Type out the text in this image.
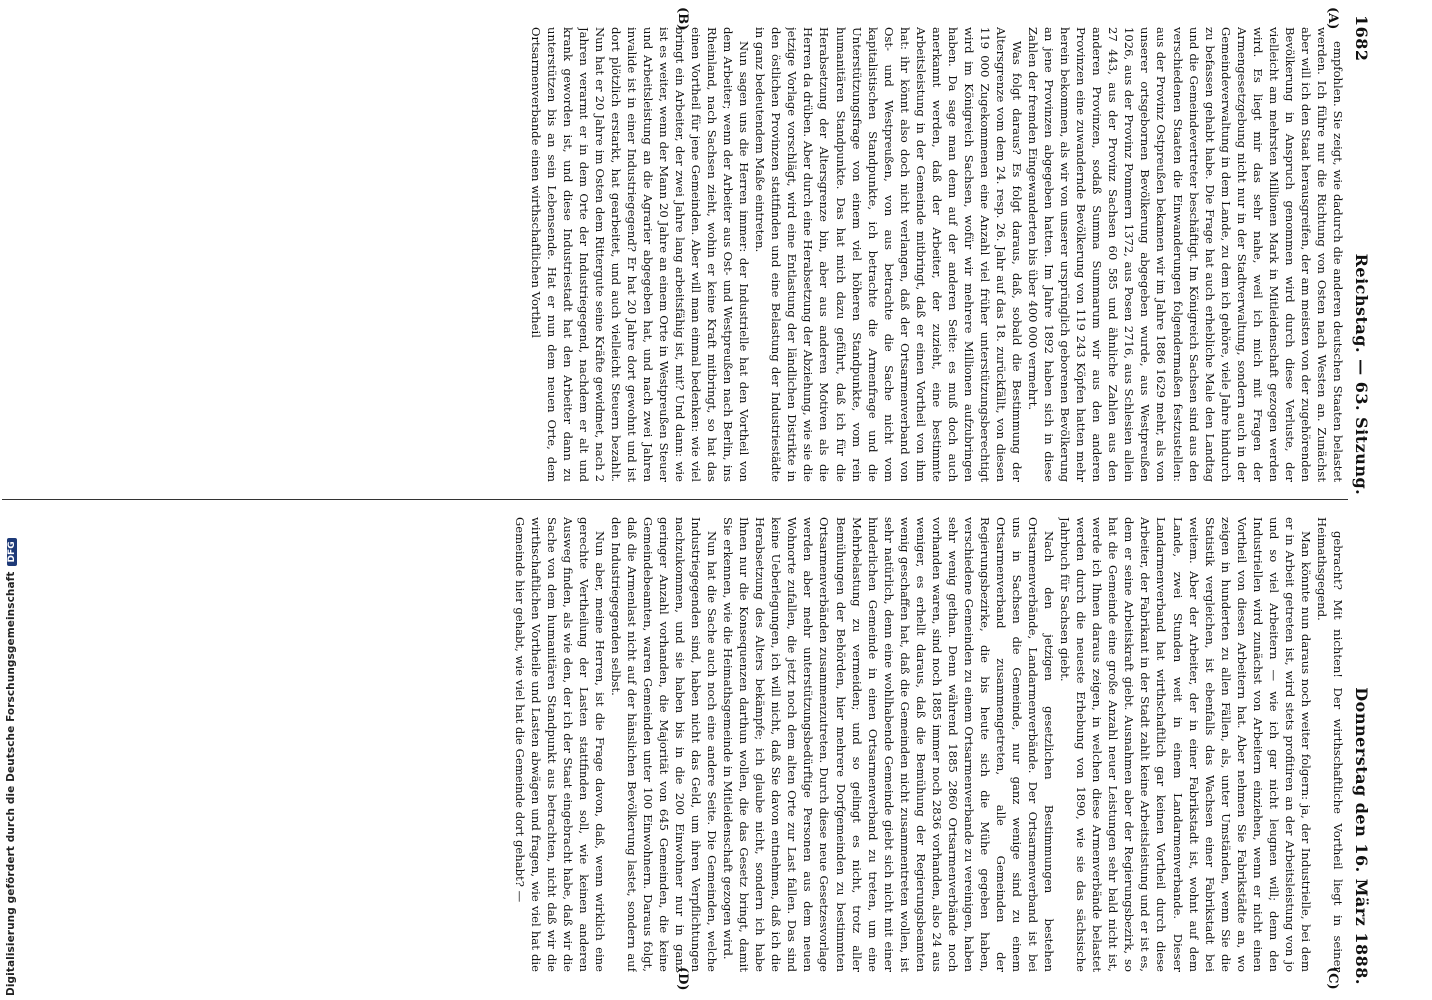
1682
Reichstag. — 63. Sitzung.
Donnerstag den 16. März 1888.

empfohlen. Sie zeigt, wie dadurch die anderen deutschen Staaten belastet werden. Ich führe nur die Richtung von Osten nach Westen an. Zunächst aber will ich den Staat herausgreifen, der am meisten von der zugehörenden Bevölkerung in Anspruch genommen wird durch diese Verluste, der vielleicht am mehrsten Millionen Mark in Mitleidenschaft gezogen werden wird. Es liegt mir das sehr nahe, weil ich mich mit Fragen der Armengesetzgebung nicht nur in der Stadtverwaltung, sondern auch in der Gemeindeverwaltung in dem Lande, zu dem ich gehöre, viele Jahre hindurch zu befassen gehabt habe. Die Frage hat auch erhebliche Male den Landtag und die Gemeindevertreter beschäftigt. Im Königreich Sachsen sind aus den verschiedenen Staaten die Einwanderungen folgendermaßen festzustellen: aus der Provinz Ostpreußen bekamen wir im Jahre 1886 1629 mehr, als von unserer ortsgebornen Bevölkerung abgegeben wurde, aus Westpreußen 1026, aus der Provinz Pommern 1372, aus Posen 2716, aus Schlesien allein 27 443, aus der Provinz Sachsen 60 585 und ähnliche Zahlen aus den anderen Provinzen, sodaß Summa Summarum wir aus den anderen Provinzen eine zuwandernde Bevölkerung von 119 243 Köpfen hatten mehr herein bekommen, als wir von unserer ursprünglich geborenen Bevölkerung an jene Provinzen abgegeben hatten. Im Jahre 1892 haben sich in diese Zahlen der fremden Eingewanderten bis über 400 000 vermehrt.

Was folgt daraus? Es folgt daraus, daß, sobald die Bestimmung der Altersgrenze vom dem 24. resp. 26. Jahr auf das 18. zurückfällt, von diesen 119 000 Zugekommenen eine Anzahl viel früher unterstützungsberechtigt wird im Königreich Sachsen, wofür wir mehrere Millionen aufzubringen haben. Da sage man denn auf der anderen Seite: es muß doch auch anerkannt werden, daß der Arbeiter, der zuzieht, eine bestimmte Arbeitsleistung in der Gemeinde mitbringt, daß er einen Vortheil von ihm hat: ihr könnt also doch nicht verlangen, daß der Ortsarmenverband von Ost- und Westpreußen, von aus betrachte die Sache nicht vom kapitalistischen Standpunkte, ich betrachte die Armenfrage und die Unterstützungsfrage von einem viel höheren Standpunkte, vom rein humanitären Standpunkte. Das hat mich dazu geführt, daß ich für die Herabsetzung der Altersgrenze bin, aber aus anderen Motiven als die Herren da drüben. Aber durch eine Herabsetzung der Abziehung, wie sie die jetzige Vorlage vorschlägt, wird eine Entlastung der ländlichen Distrikte in den östlichen Provinzen stattfinden und eine Belastung der Industriestädte in ganz bedeutendem Maße eintreten.

Nun sagen uns die Herren immer: der Industrielle hat den Vortheil von dem Arbeiter; wenn der Arbeiter aus Ost- und Westpreußen nach Berlin, ins Rheinland, nach Sachsen zieht, wohin er keine Kraft mitbringt, so hat das einen Vortheil für jene Gemeinden. Aber will man einmal bedenken: wie viel bringt ein Arbeiter, der zwei Jahre lang arbeitsfähig ist, mit? Und dann: wie ist es weiter, wenn der Mann 20 Jahre an einem Orte in Westpreußen Steuer und Arbeitsleistung an die Agrarier abgegeben hat, und nach zwei Jahren invalide ist in einer Industriegegend? Er hat 20 Jahre dort gewohnt und ist dort plötzlich erstarkt, hat gearbeitet, und auch vielleicht Steuern bezahlt. Nun hat er 20 Jahre im Osten dem Rittergute seine Kräfte gewidmet, nach 2 Jahren verarmt er in dem Orte der Industriegegend, nachdem er alt und krank geworden ist, und diese Industriestadt hat den Arbeiter dann zu unterstützen bis an sein Lebensende. Hat er nun dem neuen Orte, dem Ortsarmenverbande einen wirthschaftlichen Vortheil

gebracht? Mit nichten! Der wirthschaftliche Vortheil liegt in seiner Heimathsgegend.

Man könnte nun daraus noch weiter folgern: ja, der Industrielle, bei dem er in Arbeit getreten ist, wird stets profitiren an der Arbeitsleistung von jo und so viel Arbeitern — wie ich gar nicht leugnen will; denn den Industriellen wird zunächst von Arbeitern einziehen, wenn er nicht einen Vortheil von diesen Arbeitern hat. Aber nehmen Sie Fabrikstädte an, wo zeigen in hunderten zu allen Fällen, als, unter Umständen, wenn Sie die Statistik vergleichen, ist ebenfalls das Wachsen einer Fabrikstadt bei weitem. Aber der Arbeiter, der in einer Fabrikstadt ist, wohnt auf dem Lande, zwei Stunden weit in einem Landarmenverbande. Dieser Landarmenverband hat wirthschaftlich gar keinen Vortheil durch diese Arbeiter, der Fabrikant in der Stadt zahlt keine Arbeitsleistung und er ist es, dem er seine Arbeitskraft giebt. Ausnahmen aber der Regierungsbezirk, so hat die Gemeinde eine große Anzahl neuer Leistungen sehr bald nicht ist, werde ich Ihnen daraus zeigen, in welchen diese Armenverbände belastet werden durch die neueste Erhebung von 1890, wie sie das sächsische Jahrbuch für Sachsen giebt.

Nach den jetzigen gesetzlichen Bestimmungen bestehen Ortsarmenverbände, Landarmenverbände. Der Ortsarmenverband ist bei uns in Sachsen die Gemeinde, nur ganz wenige sind zu einem Ortsarmenverband zusammengetreten, alle Gemeinden der Regierungsbezirke, die bis heute sich die Mühe gegeben haben, verschiedene Gemeinden zu einem Ortsarmenverbande zu vereinigen, haben sehr wenig gethan. Denn während 1885 2860 Ortsarmenverbände noch vorhanden waren, sind noch 1885 immer noch 2836 vorhanden, also 24 aus weniger, es erhellt daraus, daß die Bemühung der Regierungsbeamten wenig geschaffen hat, daß die Gemeinden nicht zusammentreten wollen, ist sehr natürlich, denn eine wohlhabende Gemeinde giebt sich nicht mit einer hinderlichen Gemeinde in einen Ortsarmenverband zu treten, um eine Mehrbelastung zu vermeiden; und so gelingt es nicht, trotz aller Bemühungen der Behörden, hier mehrere Dorfgemeinden zu bestimmten Ortsarmenverbänden zusammenzutreten. Durch diese neue Gesetzesvorlage werden aber mehr unterstützungsbedürftige Personen aus dem neuen Wohnorte zufallen, die jetzt noch dem alten Orte zur Last fallen. Das sind keine Ueberlegungen, ich will nicht, daß Sie davon entnehmen, daß ich die Herabsetzung des Alters bekämpfe; ich glaube nicht, sondern ich habe Ihnen nur die Konsequenzen darthun wollen, die das Gesetz bringt, damit Sie erkennen, wie die Heimathsgemeinde in Mitleidenschaft gezogen wird.

Nun hat die Sache auch noch eine andere Seite. Die Gemeinden, welche Industriegegenden sind, haben nicht das Geld, um ihren Verpflichtungen nachzukommen, und sie haben bis in die 200 Einwohner nur in ganz geringer Anzahl vorhanden, die Majorität von 645 Gemeinden, die keine Gemeindebeamten, waren Gemeinden unter 100 Einwohnern. Daraus folgt, daß die Armenlast nicht auf der hänslichen Bevölkerung lastet, sondern auf den Industriegegenden selbst.

Nun aber, meine Herren, ist die Frage davon, daß, wenn wirklich eine gerechte Vertheilung der Lasten stattfinden soll, wie keinen anderen Ausweg finden, als wie den, der ich der Staat eingebracht habe, daß wir die Sache von dem humanitären Standpunkt aus betrachten, nicht daß wir die wirthschaftlichen Vortheile und Lasten abwägen und fragen, wie viel hat die Gemeinde hier gehabt, wie viel hat die Gemeinde dort gehabt? —

(A)
(B)
(C)
(D)
Digitalisierung gefördert durch die Deutsche ForschungsgemeinschaftDFG
